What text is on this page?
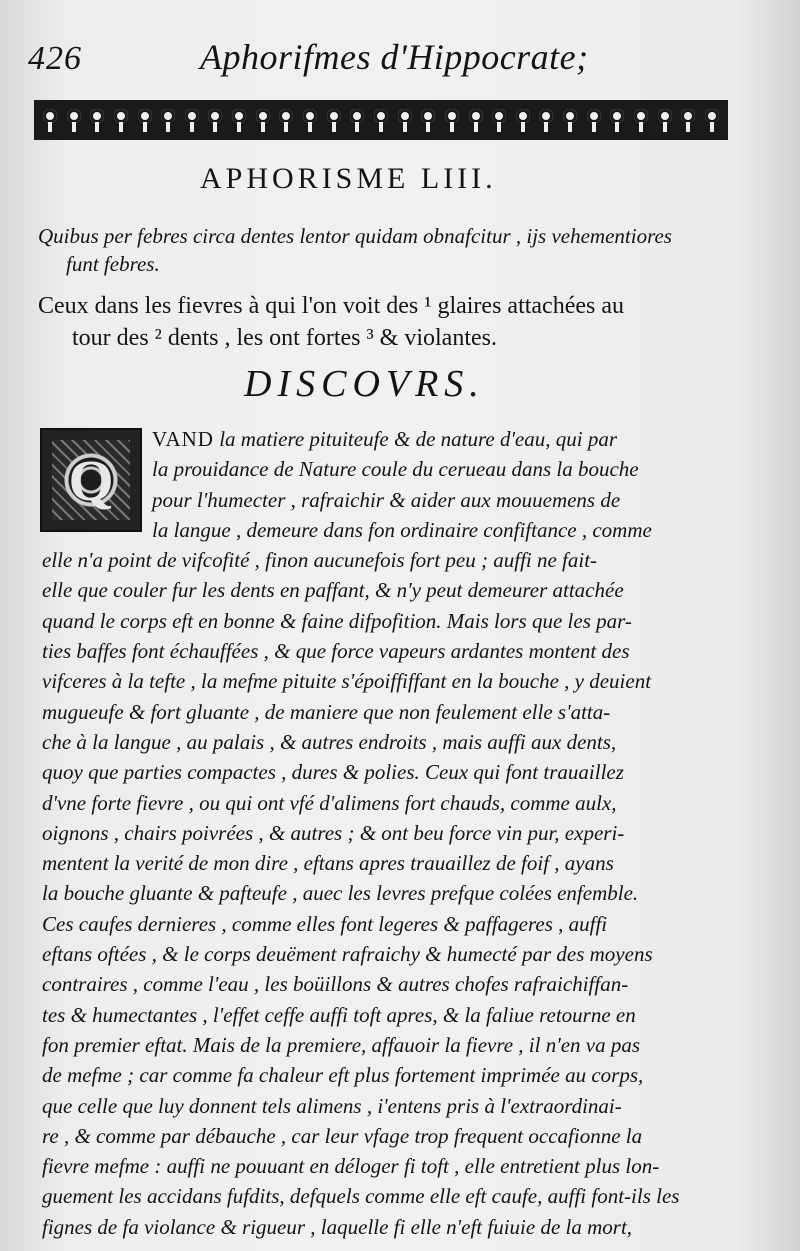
426	Aphorifmes d'Hippocrate;
APHORISME LIII.
Quibus per febres circa dentes lentor quidam obnafcitur , ijs vehementiores
funt febres.
Ceux dans les fievres à qui l'on voit des ¹ glaires attachées au
tour des ² dents , les ont fortes ³ & violantes.
DISCOVRS.
Q
VAND la matiere pituiteufe & de nature d'eau, qui par
la prouidance de Nature coule du cerueau dans la bouche
pour l'humecter , rafraichir & aider aux mouuemens de
la langue , demeure dans fon ordinaire confiftance , comme
elle n'a point de vifcofité , finon aucunefois fort peu ; auffi ne fait-
elle que couler fur les dents en paffant, & n'y peut demeurer attachée
quand le corps eft en bonne & faine difpofition. Mais lors que les par-
ties baffes font échauffées , & que force vapeurs ardantes montent des
vifceres à la tefte , la mefme pituite s'époiffiffant en la bouche , y deuient
mugueufe & fort gluante , de maniere que non feulement elle s'atta-
che à la langue , au palais , & autres endroits , mais auffi aux dents,
quoy que parties compactes , dures & polies. Ceux qui font trauaillez
d'vne forte fievre , ou qui ont vfé d'alimens fort chauds, comme aulx,
oignons , chairs poivrées , & autres ; & ont beu force vin pur, experi-
mentent la verité de mon dire , eftans apres trauaillez de foif , ayans
la bouche gluante & pafteufe , auec les levres prefque colées enfemble.
Ces caufes dernieres , comme elles font legeres & paffageres , auffi
eftans oftées , & le corps deuëment rafraichy & humecté par des moyens
contraires , comme l'eau , les boüillons & autres chofes rafraichiffan-
tes & humectantes , l'effet ceffe auffi toft apres, & la faliue retourne en
fon premier eftat. Mais de la premiere, affauoir la fievre , il n'en va pas
de mefme ; car comme fa chaleur eft plus fortement imprimée au corps,
que celle que luy donnent tels alimens , i'entens pris à l'extraordinai-
re , & comme par débauche , car leur vfage trop frequent occafionne la
fievre mefme : auffi ne pouuant en déloger fi toft , elle entretient plus lon-
guement les accidans fufdits, defquels comme elle eft caufe, auffi font-ils les
fignes de fa violance & rigueur , laquelle fi elle n'eft fuiuie de la mort,
